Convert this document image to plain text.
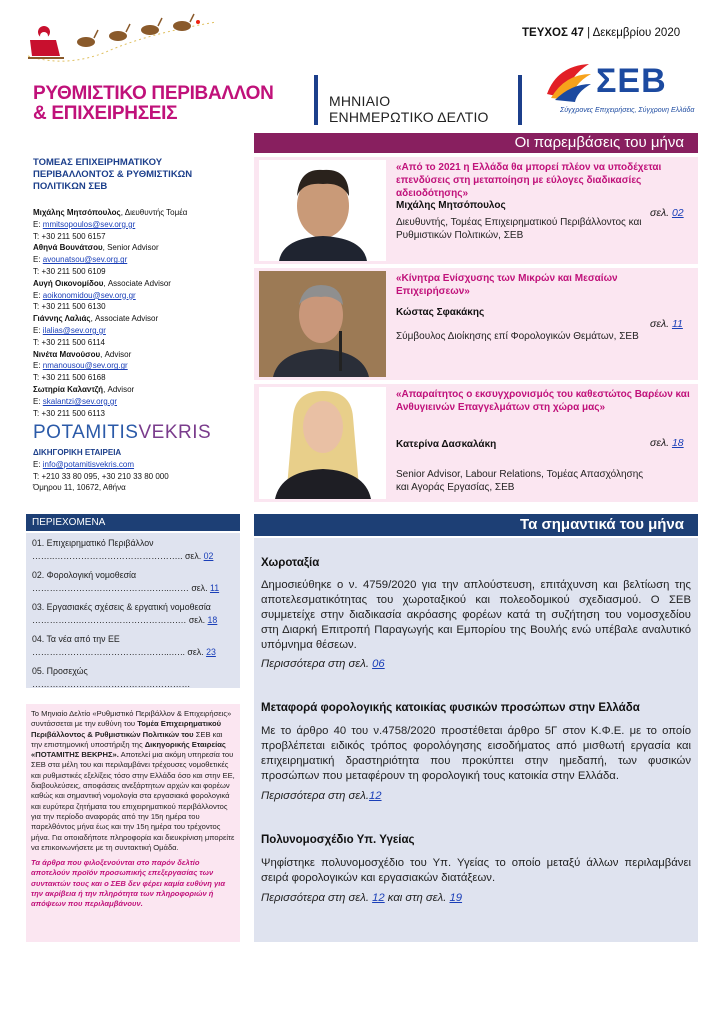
ΡΥΘΜΙΣΤΙΚΟ ΠΕΡΙΒΑΛΛΟΝ
& ΕΠΙΧΕΙΡΗΣΕΙΣ
ΜΗΝΙΑΙΟ
ΕΝΗΜΕΡΩΤΙΚΟ ΔΕΛΤΙΟ
ΤΕΥΧΟΣ 47 | Δεκεμβρίου 2020
ΣΕΒ
Σύγχρονες Επιχειρήσεις, Σύγχρονη Ελλάδα
Οι παρεμβάσεις του μήνα
ΤΟΜΕΑΣ ΕΠΙΧΕΙΡΗΜΑΤΙΚΟΥ ΠΕΡΙΒΑΛΛΟΝΤΟΣ & ΡΥΘΜΙΣΤΙΚΩΝ ΠΟΛΙΤΙΚΩΝ ΣΕΒ
Μιχάλης Μητσόπουλος, Διευθυντής Τομέα
E: mmitsopoulos@sev.org.gr
T: +30 211 500 6157
Αθηνά Βουνάτσου, Senior Advisor
E: avounatsou@sev.org.gr
T: +30 211 500 6109
Αυγή Οικονομίδου, Associate Advisor
E: aoikonomidou@sev.org.gr
T: +30 211 500 6130
Γιάννης Λαλιάς, Associate Advisor
E: ilalias@sev.org.gr
T: +30 211 500 6114
Νινέτα Μανούσου, Advisor
E: nmanousou@sev.org.gr
T: +30 211 500 6168
Σωτηρία Καλαντζή, Advisor
E: skalantzi@sev.org.gr
T: +30 211 500 6113
POTAMITISVEKRIS
ΔΙΚΗΓΟΡΙΚΗ ΕΤΑΙΡΕΙΑ
E: info@potamitisvekris.com
T: +210 33 80 095, +30 210 33 80 000
Όμηρου 11, 10672, Αθήνα
«Από το 2021 η Ελλάδα θα μπορεί πλέον να υποδέχεται επενδύσεις στη μεταποίηση με εύλογες διαδικασίες αδειοδότησης»
Μιχάλης Μητσόπουλος
Διευθυντής, Τομέας Επιχειρηματικού Περιβάλλοντος και Ρυθμιστικών Πολιτικών, ΣΕΒ
σελ. 02
«Κίνητρα Ενίσχυσης των Μικρών και Μεσαίων Επιχειρήσεων»
Κώστας Σφακάκης
Σύμβουλος Διοίκησης επί Φορολογικών Θεμάτων, ΣΕΒ
σελ. 11
«Απαραίτητος ο εκσυγχρονισμός του καθεστώτος Βαρέων και Ανθυγιεινών Επαγγελμάτων στη χώρα μας»
Κατερίνα Δασκαλάκη
Senior Advisor, Labour Relations, Τομέας Απασχόλησης και Αγοράς Εργασίας, ΣΕΒ
σελ. 18
ΠΕΡΙΕΧΟΜΕΝΑ
01. Επιχειρηματικό Περιβάλλον
……..…………………………………….. σελ. 02
02. Φορολογική νομοθεσία
………………………………………...…… σελ. 11
03. Εργασιακές σχέσεις & εργατική νομοθεσία
…………….…………………………….… σελ. 18
04. Τα νέα από την ΕΕ
………………………………………...….. σελ. 23
05. Προσεχώς
………………………………………………
Το Μηνιαίο Δελτίο «Ρυθμιστικό Περιβάλλον & Επιχειρήσεις» συντάσσεται με την ευθύνη του Τομέα Επιχειρηματικού Περιβάλλοντος & Ρυθμιστικών Πολιτικών του ΣΕΒ και την επιστημονική υποστήριξη της Δικηγορικής Εταιρείας «ΠΟΤΑΜΙΤΗΣ ΒΕΚΡΗΣ». Αποτελεί μια ακόμη υπηρεσία του ΣΕΒ στα μέλη του και περιλαμβάνει τρέχουσες νομοθετικές και ρυθμιστικές εξελίξεις τόσο στην Ελλάδα όσο και στην ΕΕ, διαβουλεύσεις, αποφάσεις ανεξάρτητων αρχών και φορέων καθώς και σημαντική νομολογία στα εργασιακά φορολογικά και ευρύτερα ζητήματα του επιχειρηματικού περιβάλλοντος για την περίοδο αναφοράς από την 15η ημέρα του παρελθόντος μήνα έως και την 15η ημέρα του τρέχοντος μήνα. Για οποιαδήποτε πληροφορία και διευκρίνιση μπορείτε να επικοινωνήσετε με τη συντακτική Ομάδα.
Τα άρθρα που φιλοξενούνται στο παρόν δελτίο αποτελούν προϊόν προσωπικής επεξεργασίας των συντακτών τους και ο ΣΕΒ δεν φέρει καμία ευθύνη για την ακρίβεια ή την πληρότητα των πληροφοριών ή απόψεων που περιλαμβάνουν.
Τα σημαντικά του μήνα
Χωροταξία
Δημοσιεύθηκε ο ν. 4759/2020 για την απλούστευση, επιτάχυνση και βελτίωση της αποτελεσματικότητας του χωροταξικού και πολεοδομικού σχεδιασμού. Ο ΣΕΒ συμμετείχε στην διαδικασία ακρόασης φορέων κατά τη συζήτηση του νομοσχεδίου στη Διαρκή Επιτροπή Παραγωγής και Εμπορίου της Βουλής ενώ υπέβαλε αναλυτικό υπόμνημα θέσεων.
Περισσότερα στη σελ. 06
Μεταφορά φορολογικής κατοικίας φυσικών προσώπων στην Ελλάδα
Με το άρθρο 40 του ν.4758/2020 προστέθεται άρθρο 5Γ στον Κ.Φ.Ε. με το οποίο προβλέπεται ειδικός τρόπος φορολόγησης εισοδήματος από μισθωτή εργασία και επιχειρηματική δραστηριότητα που προκύπτει στην ημεδαπή, των φυσικών προσώπων που μεταφέρουν τη φορολογική τους κατοικία στην Ελλάδα.
Περισσότερα στη σελ.12
Πολυνομοσχέδιο Υπ. Υγείας
Ψηφίστηκε πολυνομοσχέδιο του Υπ. Υγείας το οποίο μεταξύ άλλων περιλαμβάνει σειρά φορολογικών και εργασιακών διατάξεων.
Περισσότερα στη σελ. 12 και στη σελ. 19
